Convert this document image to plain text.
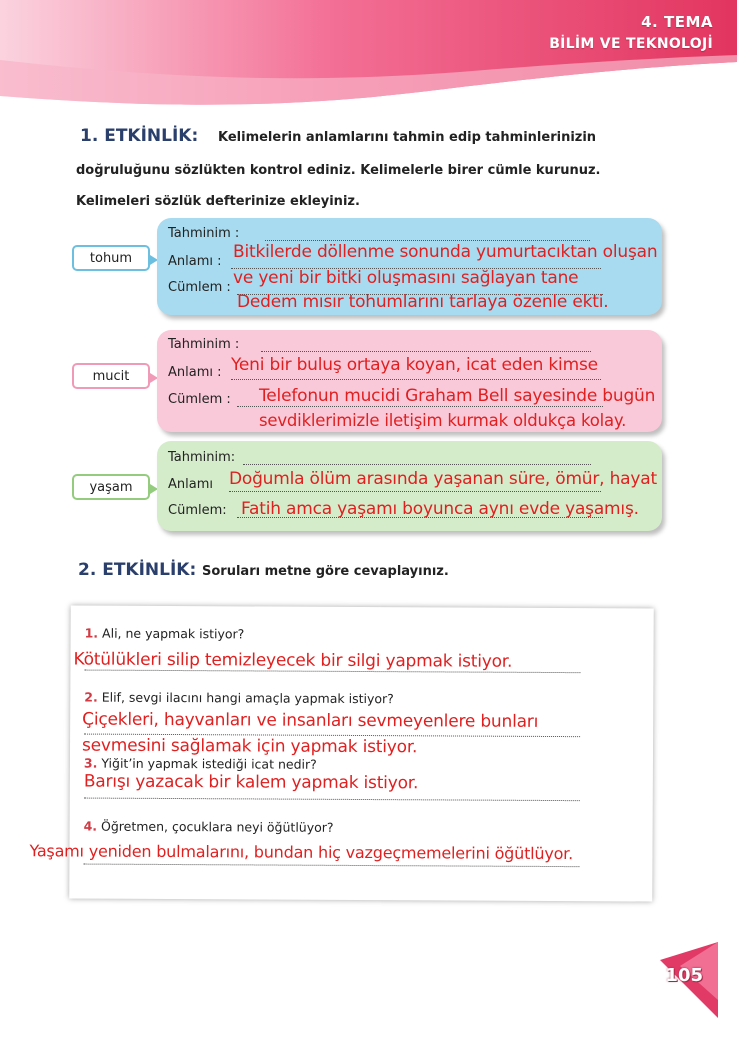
4. TEMA
BİLİM VE TEKNOLOJİ
1. ETKİNLİK: Kelimelerin anlamlarını tahmin edip tahminlerinizin
doğruluğunu sözlükten kontrol ediniz. Kelimelerle birer cümle kurunuz.
Kelimeleri sözlük defterinize ekleyiniz.
tohum
Tahminim :
Anlamı :
Cümlem :
Bitkilerde döllenme sonunda yumurtacıktan oluşan
ve yeni bir bitki oluşmasını sağlayan tane
Dedem mısır tohumlarını tarlaya özenle ekti.
mucit
Tahminim :
Anlamı :
Cümlem :
Yeni bir buluş ortaya koyan, icat eden kimse
Telefonun mucidi Graham Bell sayesinde bugün
sevdiklerimizle iletişim kurmak oldukça kolay.
yaşam
Tahminim:
Anlamı
Cümlem:
Doğumla ölüm arasında yaşanan süre, ömür, hayat
Fatih amca yaşamı boyunca aynı evde yaşamış.
2. ETKİNLİK: Soruları metne göre cevaplayınız.
1. Ali, ne yapmak istiyor?
Kötülükleri silip temizleyecek bir silgi yapmak istiyor.
2. Elif, sevgi ilacını hangi amaçla yapmak istiyor?
Çiçekleri, hayvanları ve insanları sevmeyenlere bunları
sevmesini sağlamak için yapmak istiyor.
3. Yiğit’in yapmak istediği icat nedir?
Barışı yazacak bir kalem yapmak istiyor.
4. Öğretmen, çocuklara neyi öğütlüyor?
Yaşamı yeniden bulmalarını, bundan hiç vazgeçmemelerini öğütlüyor.
105
